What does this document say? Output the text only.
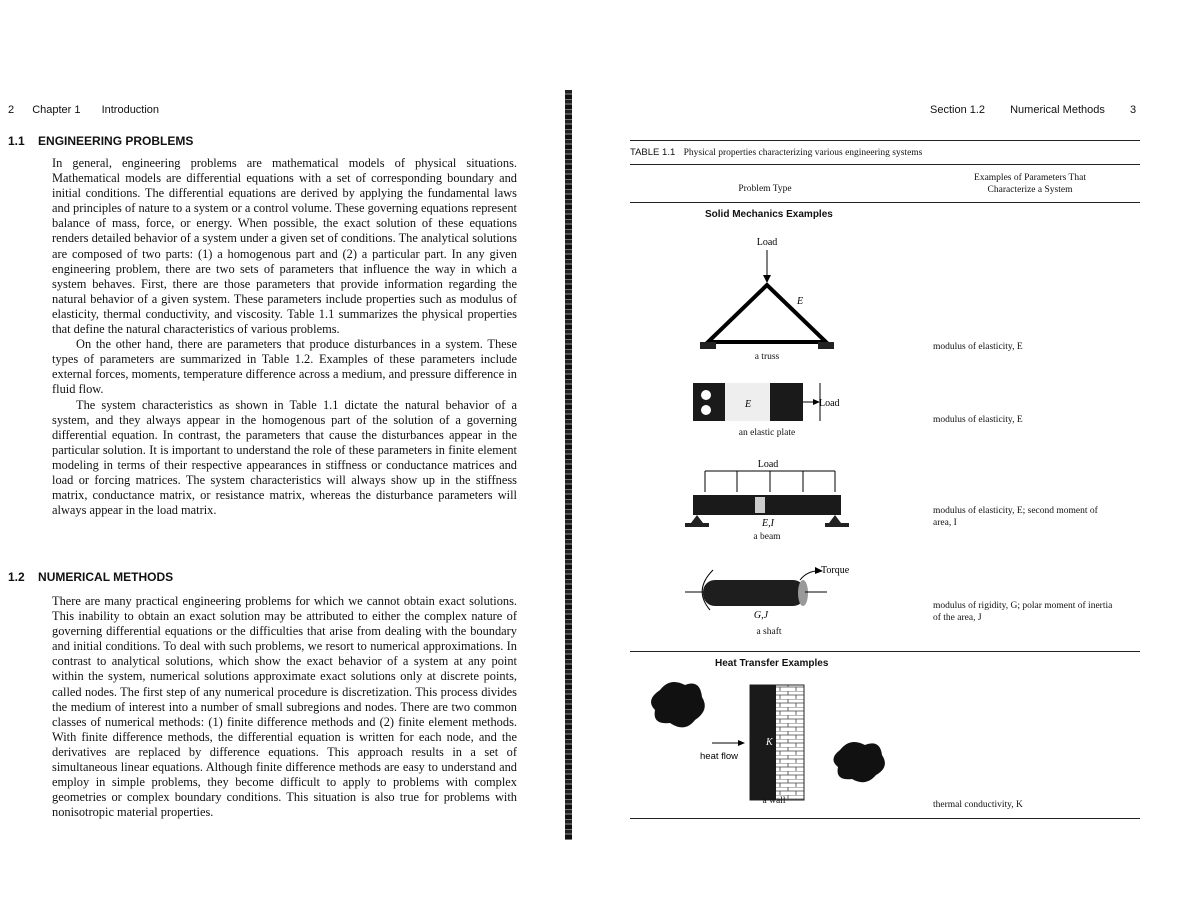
2 Chapter 1 Introduction
1.1 ENGINEERING PROBLEMS

In general, engineering problems are mathematical models of physical situations. Mathematical models are differential equations with a set of corresponding boundary and initial conditions. The differential equations are derived by applying the fundamental laws and principles of nature to a system or a control volume. These governing equations represent balance of mass, force, or energy. When possible, the exact solution of these equations renders detailed behavior of a system under a given set of conditions. The analytical solutions are composed of two parts: (1) a homogenous part and (2) a particular part. In any given engineering problem, there are two sets of parameters that influence the way in which a system behaves. First, there are those parameters that provide information regarding the natural behavior of a given system. These parameters include properties such as modulus of elasticity, thermal conductivity, and viscosity. Table 1.1 summarizes the physical properties that define the natural characteristics of various problems.

On the other hand, there are parameters that produce disturbances in a system. These types of parameters are summarized in Table 1.2. Examples of these parameters include external forces, moments, temperature difference across a medium, and pressure difference in fluid flow.

The system characteristics as shown in Table 1.1 dictate the natural behavior of a system, and they always appear in the homogenous part of the solution of a governing differential equation. In contrast, the parameters that cause the disturbances appear in the particular solution. It is important to understand the role of these parameters in finite element modeling in terms of their respective appearances in stiffness or conductance matrices and load or forcing matrices. The system characteristics will always show up in the stiffness matrix, conductance matrix, or resistance matrix, whereas the disturbance parameters will always appear in the load matrix.

1.2 NUMERICAL METHODS

There are many practical engineering problems for which we cannot obtain exact solutions. This inability to obtain an exact solution may be attributed to either the complex nature of governing differential equations or the difficulties that arise from dealing with the boundary and initial conditions. To deal with such problems, we resort to numerical approximations. In contrast to analytical solutions, which show the exact behavior of a system at any point within the system, numerical solutions approximate exact solutions only at discrete points, called nodes. The first step of any numerical procedure is discretization. This process divides the medium of interest into a number of small subregions and nodes. There are two common classes of numerical methods: (1) finite difference methods and (2) finite element methods. With finite difference methods, the differential equation is written for each node, and the derivatives are replaced by difference equations. This approach results in a set of simultaneous linear equations. Although finite difference methods are easy to understand and employ in simple problems, they become difficult to apply to problems with complex geometries or complex boundary conditions. This situation is also true for problems with nonisotropic material properties.

Section 1.2 Numerical Methods 3
TABLE 1.1 Physical properties characterizing various engineering systems
Problem Type
Examples of Parameters That
Characterize a System
Solid Mechanics Examples
Load
E
a truss
modulus of elasticity, E
E	Load
an elastic plate
modulus of elasticity, E
Load
E,I
a beam
modulus of elasticity, E; second moment of
area, I
Torque
G,J
a shaft
modulus of rigidity, G; polar moment of inertia
of the area, J
Heat Transfer Examples
K
heat flow
a wall	thermal conductivity, K
